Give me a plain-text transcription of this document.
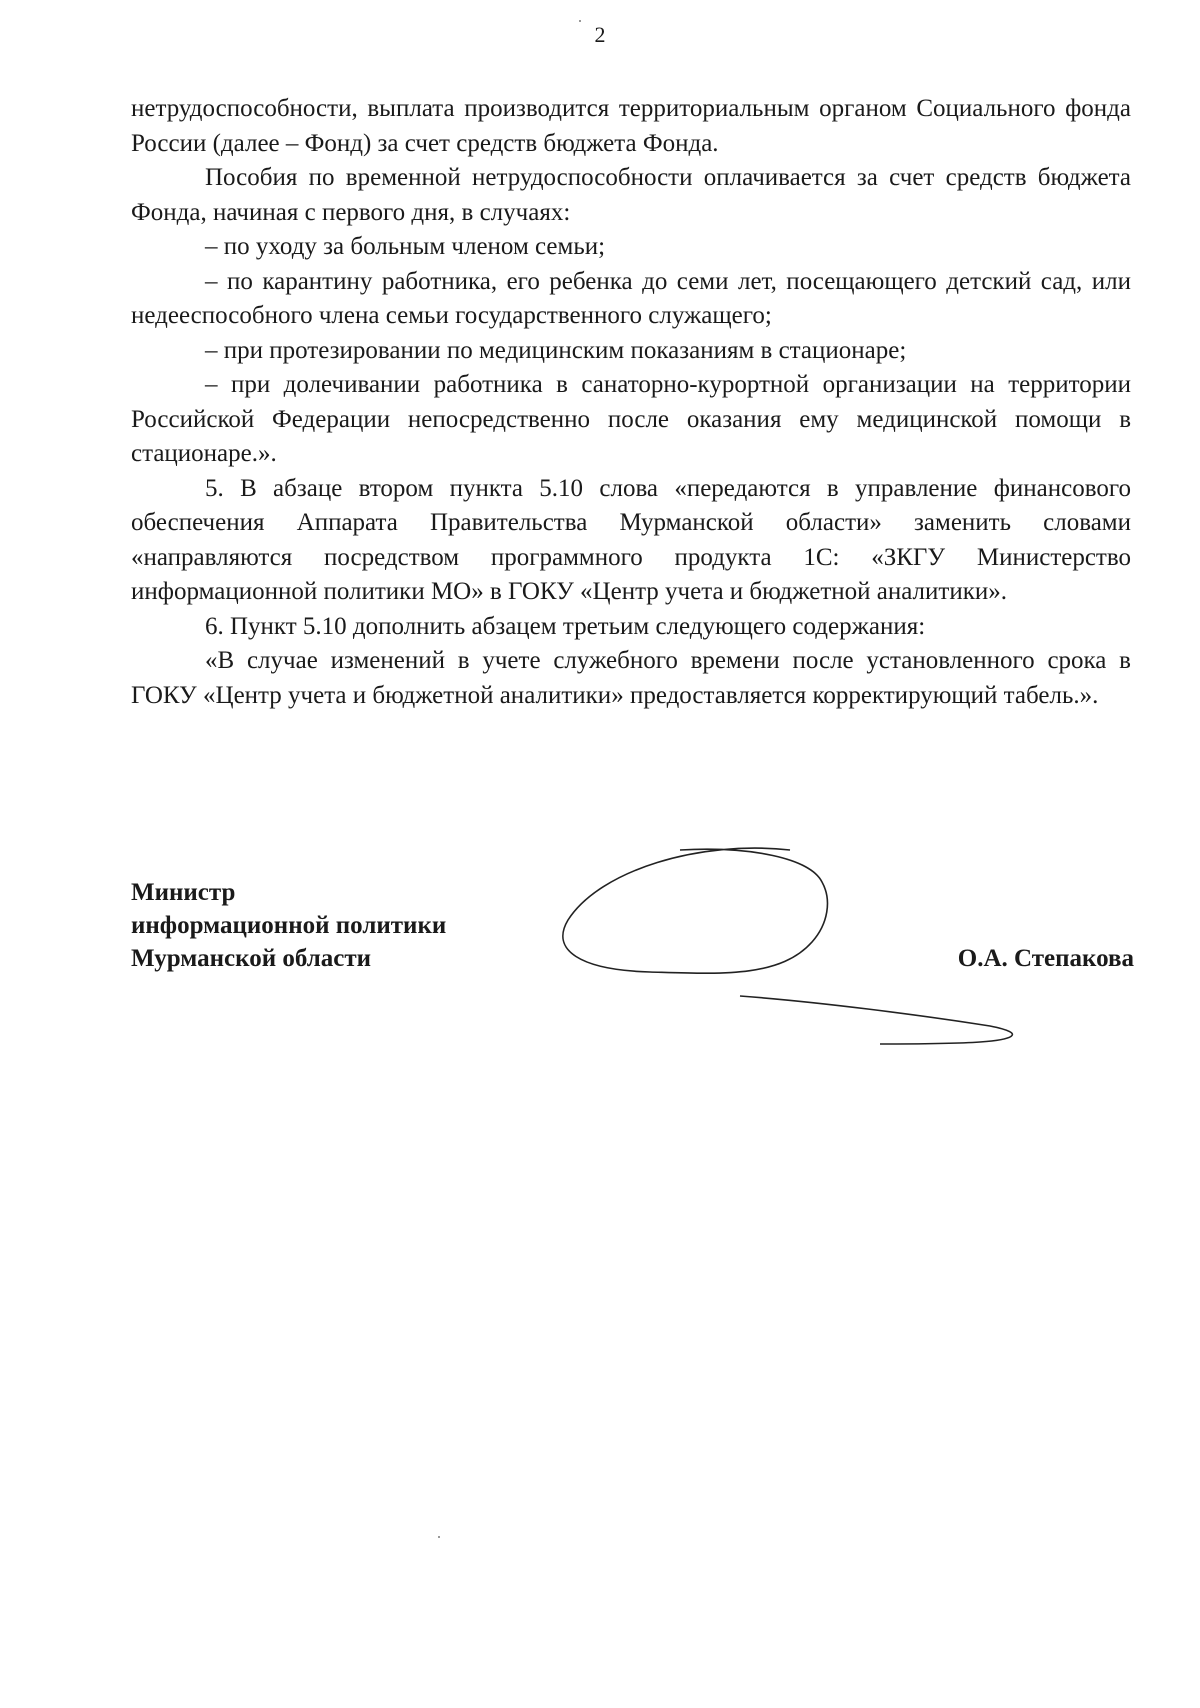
2

нетрудоспособности, выплата производится территориальным органом Социального фонда России (далее – Фонд) за счет средств бюджета Фонда.

Пособия по временной нетрудоспособности оплачивается за счет средств бюджета Фонда, начиная с первого дня, в случаях:

– по уходу за больным членом семьи;

– по карантину работника, его ребенка до семи лет, посещающего детский сад, или недееспособного члена семьи государственного служащего;

– при протезировании по медицинским показаниям в стационаре;

– при долечивании работника в санаторно-курортной организации на территории Российской Федерации непосредственно после оказания ему медицинской помощи в стационаре.».

5. В абзаце втором пункта 5.10 слова «передаются в управление финансового обеспечения Аппарата Правительства Мурманской области» заменить словами «направляются посредством программного продукта 1С: «ЗКГУ Министерство информационной политики МО» в ГОКУ «Центр учета и бюджетной аналитики».

6. Пункт 5.10 дополнить абзацем третьим следующего содержания:

«В случае изменений в учете служебного времени после установленного срока в ГОКУ «Центр учета и бюджетной аналитики» предоставляется корректирующий табель.».

Министр
информационной политики
Мурманской области	О.А. Степакова
